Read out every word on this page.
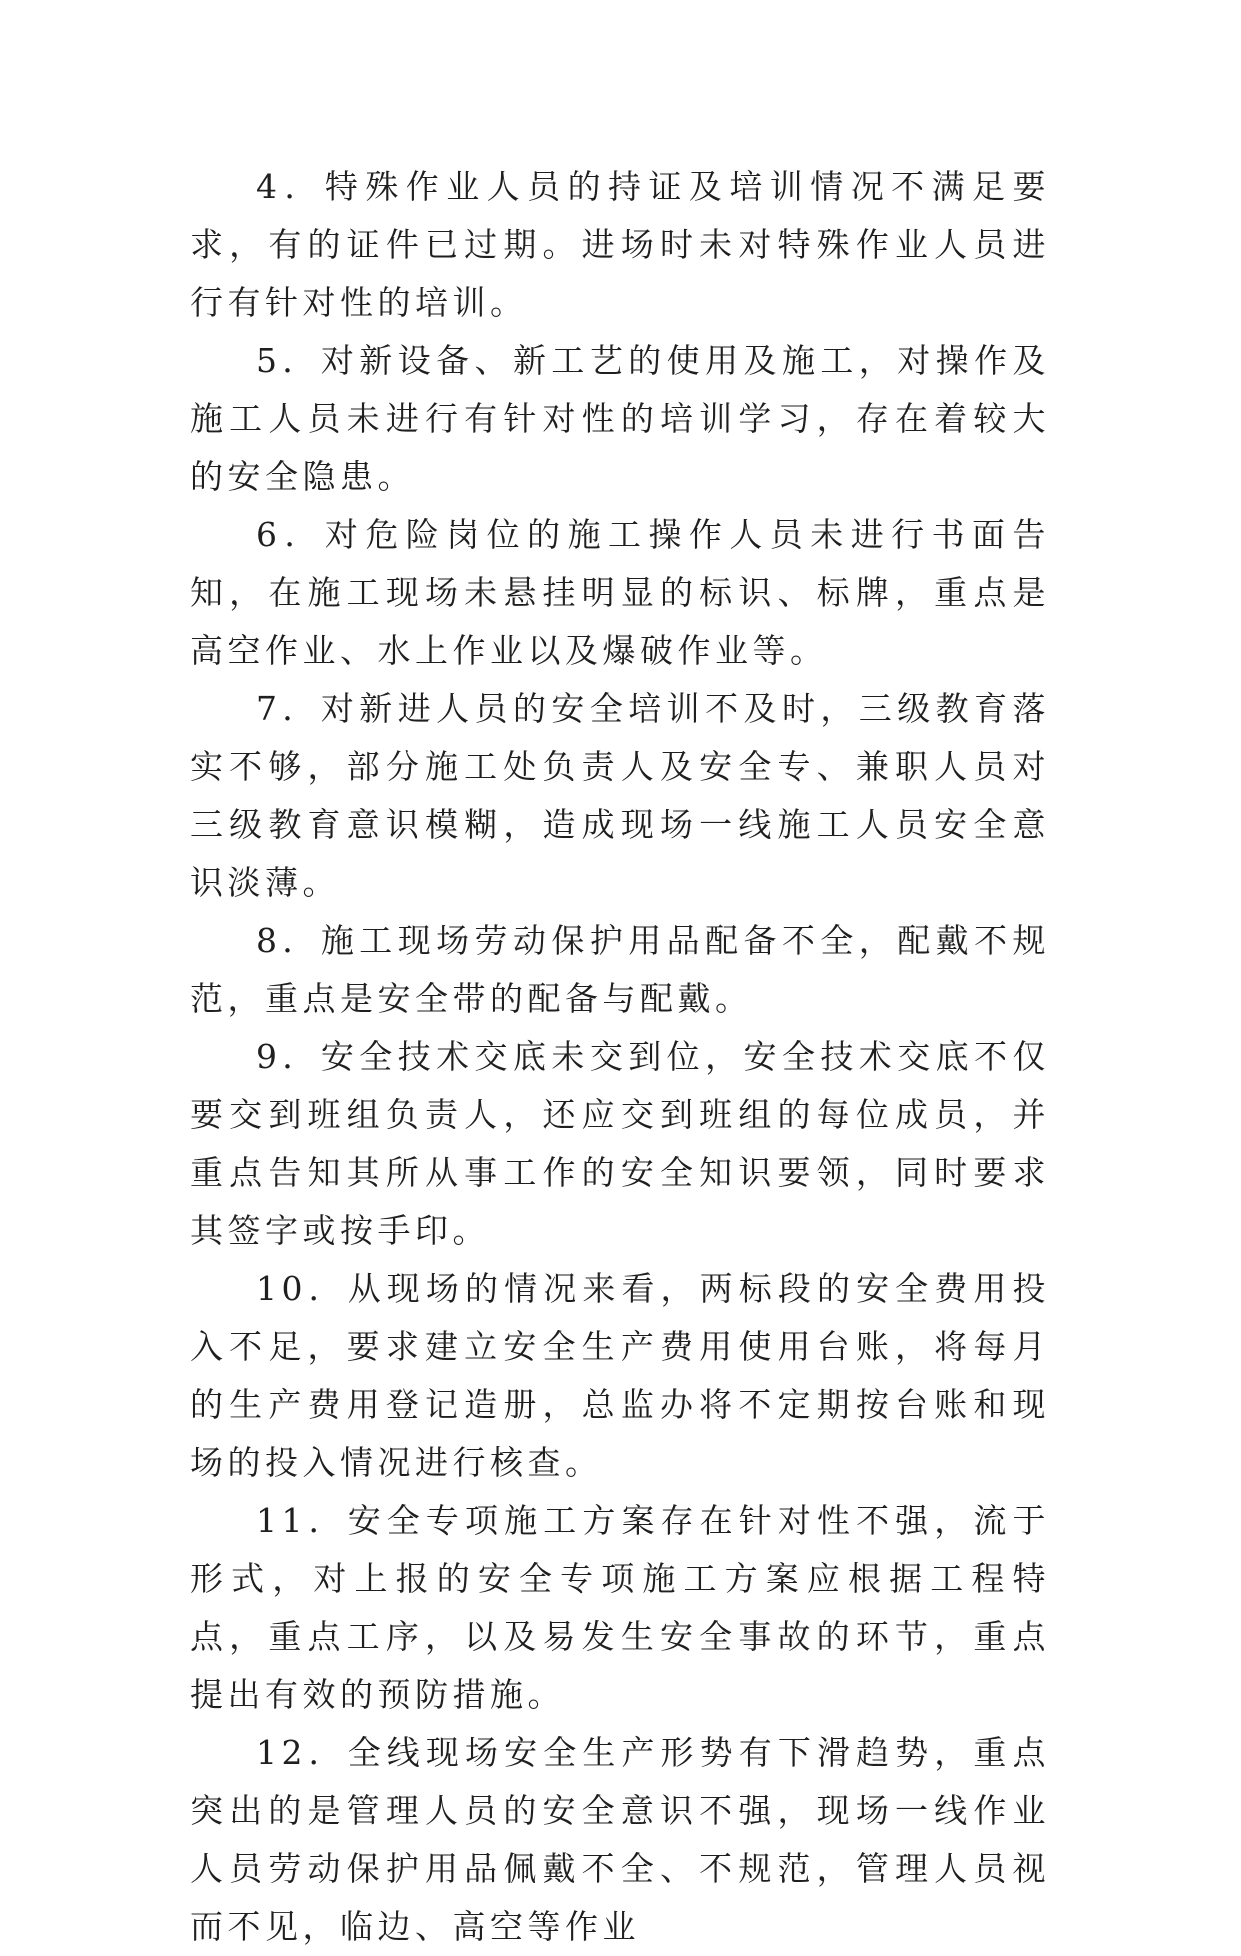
4．特殊作业人员的持证及培训情况不满足要求，有的证件已过期。进场时未对特殊作业人员进行有针对性的培训。

5．对新设备、新工艺的使用及施工，对操作及施工人员未进行有针对性的培训学习，存在着较大的安全隐患。

6．对危险岗位的施工操作人员未进行书面告知，在施工现场未悬挂明显的标识、标牌，重点是高空作业、水上作业以及爆破作业等。

7．对新进人员的安全培训不及时，三级教育落实不够，部分施工处负责人及安全专、兼职人员对三级教育意识模糊，造成现场一线施工人员安全意识淡薄。

8．施工现场劳动保护用品配备不全，配戴不规范，重点是安全带的配备与配戴。

9．安全技术交底未交到位，安全技术交底不仅要交到班组负责人，还应交到班组的每位成员，并重点告知其所从事工作的安全知识要领，同时要求其签字或按手印。

10．从现场的情况来看，两标段的安全费用投入不足，要求建立安全生产费用使用台账，将每月的生产费用登记造册，总监办将不定期按台账和现场的投入情况进行核查。

11．安全专项施工方案存在针对性不强，流于形式，对上报的安全专项施工方案应根据工程特点，重点工序，以及易发生安全事故的环节，重点提出有效的预防措施。

12．全线现场安全生产形势有下滑趋势，重点突出的是管理人员的安全意识不强，现场一线作业人员劳动保护用品佩戴不全、不规范，管理人员视而不见，临边、高空等作业
